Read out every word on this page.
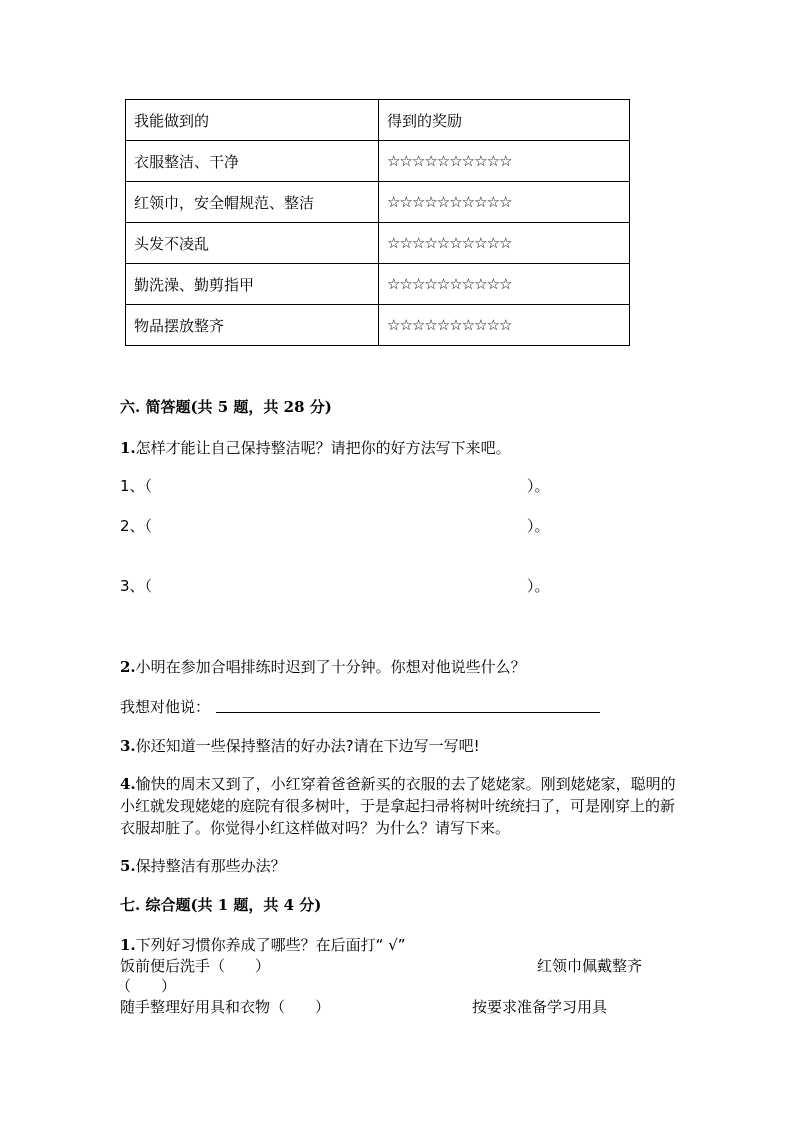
我能做到的	得到的奖励
衣服整洁、干净	☆☆☆☆☆☆☆☆☆☆
红领巾，安全帽规范、整洁	☆☆☆☆☆☆☆☆☆☆
头发不凌乱	☆☆☆☆☆☆☆☆☆☆
勤洗澡、勤剪指甲	☆☆☆☆☆☆☆☆☆☆
物品摆放整齐	☆☆☆☆☆☆☆☆☆☆
六. 简答题(共 5 题，共 28 分)
1.怎样才能让自己保持整洁呢？请把你的好方法写下来吧。
1、（	）。
2、（	）。
3、（	）。
2.小明在参加合唱排练时迟到了十分钟。你想对他说些什么？
我想对他说：
3.你还知道一些保持整洁的好办法?请在下边写一写吧!
4.愉快的周末又到了，小红穿着爸爸新买的衣服的去了姥姥家。刚到姥姥家，聪明的小红就发现姥姥的庭院有很多树叶，于是拿起扫帚将树叶统统扫了，可是刚穿上的新衣服却脏了。你觉得小红这样做对吗？为什么？请写下来。
5.保持整洁有那些办法？
七. 综合题(共 1 题，共 4 分)
1.下列好习惯你养成了哪些？在后面打“ √”
饭前便后洗手（　　）	红领巾佩戴整齐
（　　）
随手整理好用具和衣物（　　）	按要求准备学习用具
